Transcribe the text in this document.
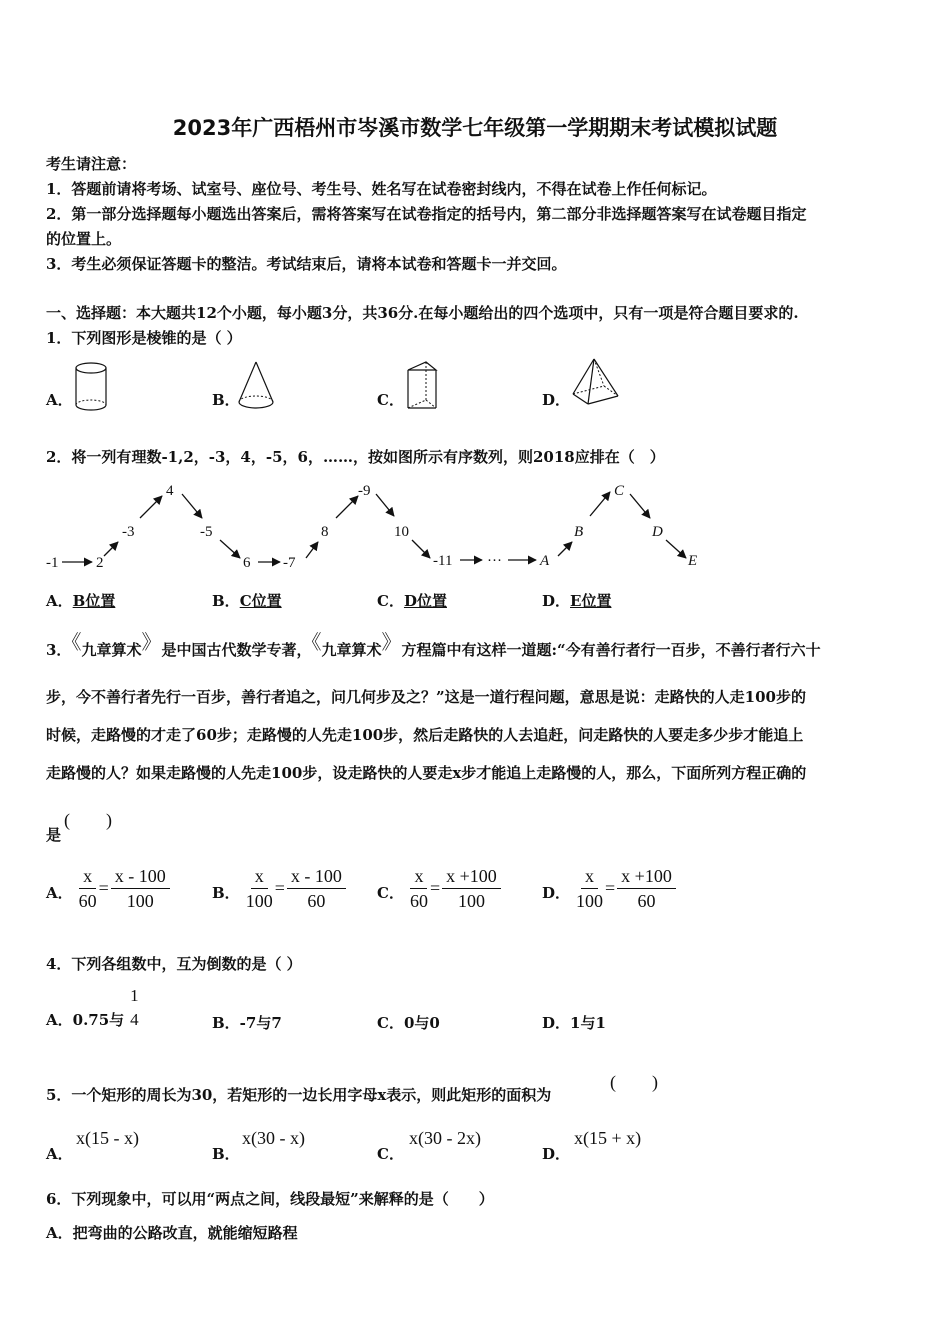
2023年广西梧州市岑溪市数学七年级第一学期期末考试模拟试题
考生请注意：
1．答题前请将考场、试室号、座位号、考生号、姓名写在试卷密封线内，不得在试卷上作任何标记。
2．第一部分选择题每小题选出答案后，需将答案写在试卷指定的括号内，第二部分非选择题答案写在试卷题目指定
的位置上。
3．考生必须保证答题卡的整洁。考试结束后，请将本试卷和答题卡一并交回。
一、选择题：本大题共12个小题，每小题3分，共36分.在每小题给出的四个选项中，只有一项是符合题目要求的.
1．下列图形是棱锥的是（ ）
A．	B．	C．	D．
2．将一列有理数-1,2，-3，4，-5，6，……，按如图所示有序数列，则2018应排在（　）
-1	2
-3
4
-5
6 -7
8
-9
10
-11 ···	A
B
C
D
E
A．B位置	B．C位置	C．D位置	D．E位置
3．《九章算术》是中国古代数学专著，《九章算术》方程篇中有这样一道题:“今有善行者行一百步，不善行者行六十
步，今不善行者先行一百步，善行者追之，问几何步及之？”这是一道行程问题，意思是说：走路快的人走100步的
时候，走路慢的才走了60步；走路慢的人先走100步，然后走路快的人去追赶，问走路快的人要走多少步才能追上
走路慢的人？如果走路慢的人先走100步，设走路快的人要走x步才能追上走路慢的人，那么，下面所列方程正确的
是
(　　)
A． $\frac{x}{60} = \frac{x - 100}{100}$	B． $\frac{x}{100} = \frac{x - 100}{60}$ C． $\frac{x}{60} = \frac{x +100}{100}$	D． $\frac{x}{100} = \frac{x +100}{60}$
4．下列各组数中，互为倒数的是（ ）
A．0.75与
1
4	B．-7与7	C．0与0	D．1与1
5．一个矩形的周长为30，若矩形的一边长用字母x表示，则此矩形的面积为
(　　)
A．
x(15 - x)
B．
x(30 - x)
C．
x(30 - 2x)
D．
x(15 + x)
6．下列现象中，可以用“两点之间，线段最短”来解释的是（　　）
A．把弯曲的公路改直，就能缩短路程
